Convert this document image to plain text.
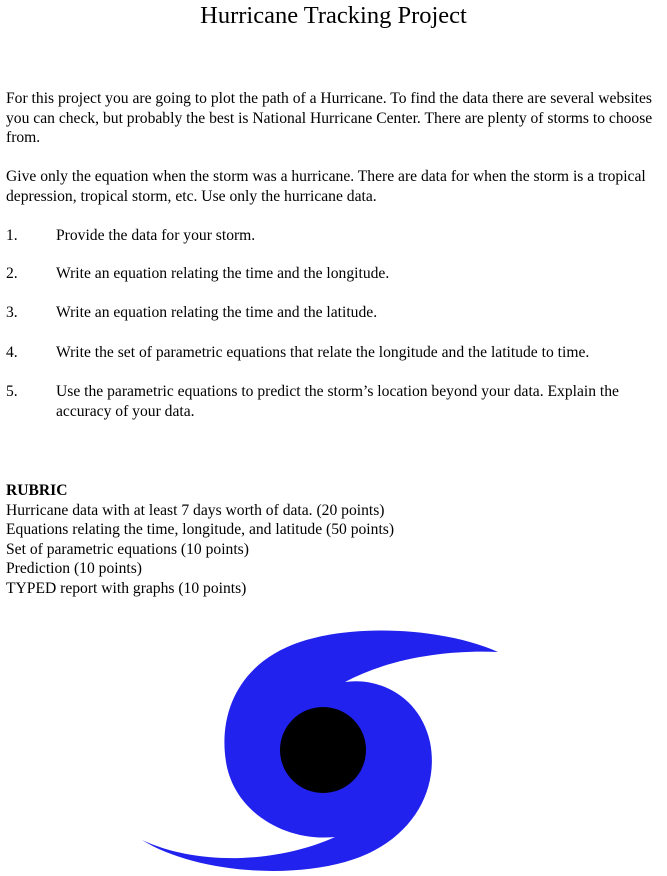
Hurricane Tracking Project

For this project you are going to plot the path of a Hurricane. To find the data there are several websites you can check, but probably the best is National Hurricane Center. There are plenty of storms to choose from.

Give only the equation when the storm was a hurricane. There are data for when the storm is a tropical depression, tropical storm, etc. Use only the hurricane data.

1.	Provide the data for your storm.
2.	Write an equation relating the time and the longitude.
3.	Write an equation relating the time and the latitude.
4.	Write the set of parametric equations that relate the longitude and the latitude to time.
5.	Use the parametric equations to predict the storm’s location beyond your data. Explain the accuracy of your data.
RUBRIC
Hurricane data with at least 7 days worth of data. (20 points)
Equations relating the time, longitude, and latitude (50 points)
Set of parametric equations (10 points)
Prediction (10 points)
TYPED report with graphs (10 points)
